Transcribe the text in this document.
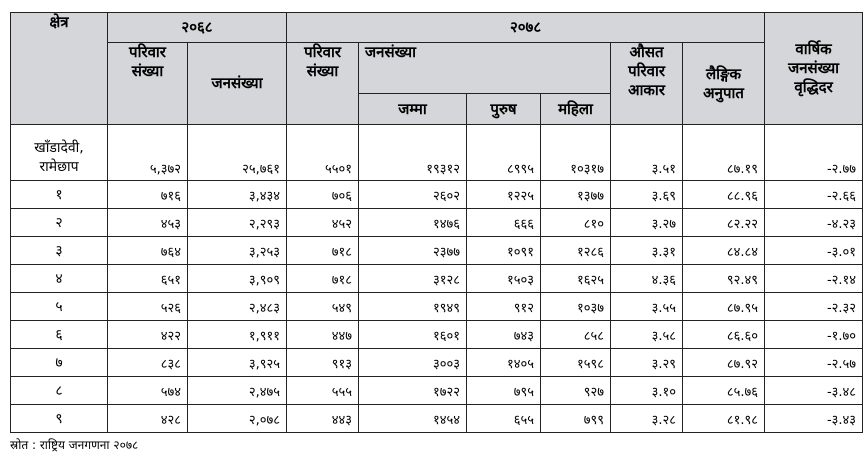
क्षेत्र	२०६८		२०७८						वार्षिक जनसंख्या वृद्धिदर
	परिवार संख्या	जनसंख्या	परिवार संख्या	जनसंख्या			औसत परिवार आकार	लैङ्गिक अनुपात	
				जम्मा	पुरुष	महिला			
खाँडादेवी, रामेछाप	५,३७२	२५,७६१	५५०१	१९३१२	८९९५	१०३१७	३.५१	८७.१९	-२.७७
१	७१६	३,४३४	७०६	२६०२	१२२५	१३७७	३.६९	८८.९६	-२.६६
२	४५३	२,२९३	४५२	१४७६	६६६	८१०	३.२७	८२.२२	-४.२३
३	७६४	३,२५३	७१८	२३७७	१०९१	१२८६	३.३१	८४.८४	-३.०१
४	६५१	३,९०९	७१८	३१२८	१५०३	१६२५	४.३६	९२.४९	-२.१४
५	५२६	२,४८३	५४९	१९४९	९१२	१०३७	३.५५	८७.९५	-२.३२
६	४२२	१,९११	४४७	१६०१	७४३	८५८	३.५८	८६.६०	-१.७०
७	८३८	३,९२५	९१३	३००३	१४०५	१५९८	३.२९	८७.९२	-२.५७
८	५७४	२,४७५	५५५	१७२२	७९५	९२७	३.१०	८५.७६	-३.४८
९	४२८	२,०७८	४४३	१४५४	६५५	७९९	३.२८	८१.९८	-३.४३
स्रोत : राष्ट्रिय जनगणना २०७८
